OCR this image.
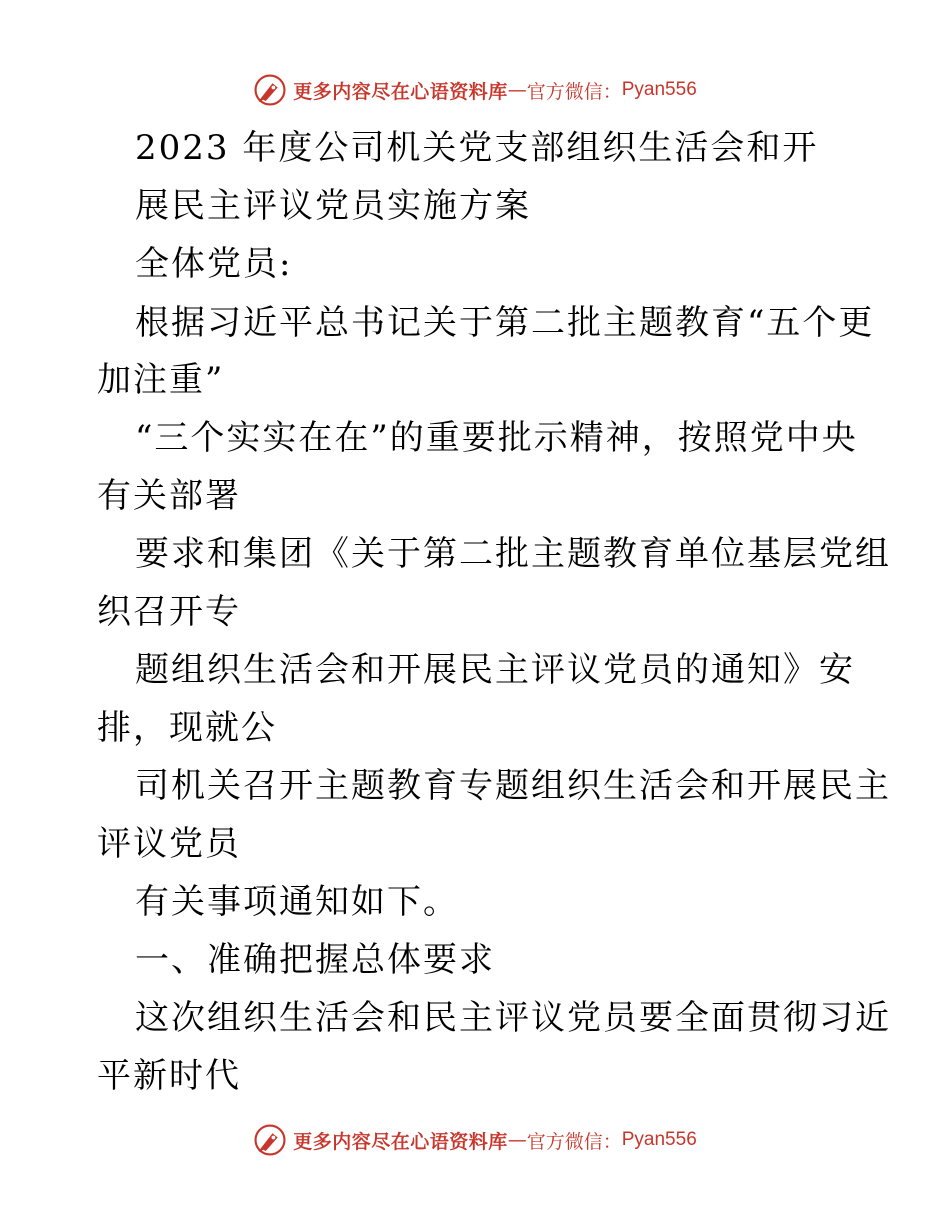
更多内容尽在心语资料库 — 官方微信： Pyan556
2023 年度公司机关党支部组织生活会和开
展民主评议党员实施方案
全体党员:
根据习近平总书记关于第二批主题教育“五个更
加注重”
“三个实实在在”的重要批示精神，按照党中央
有关部署
要求和集团《关于第二批主题教育单位基层党组
织召开专
题组织生活会和开展民主评议党员的通知》安
排，现就公
司机关召开主题教育专题组织生活会和开展民主
评议党员
有关事项通知如下。
一、准确把握总体要求
这次组织生活会和民主评议党员要全面贯彻习近
平新时代
更多内容尽在心语资料库 — 官方微信： Pyan556
